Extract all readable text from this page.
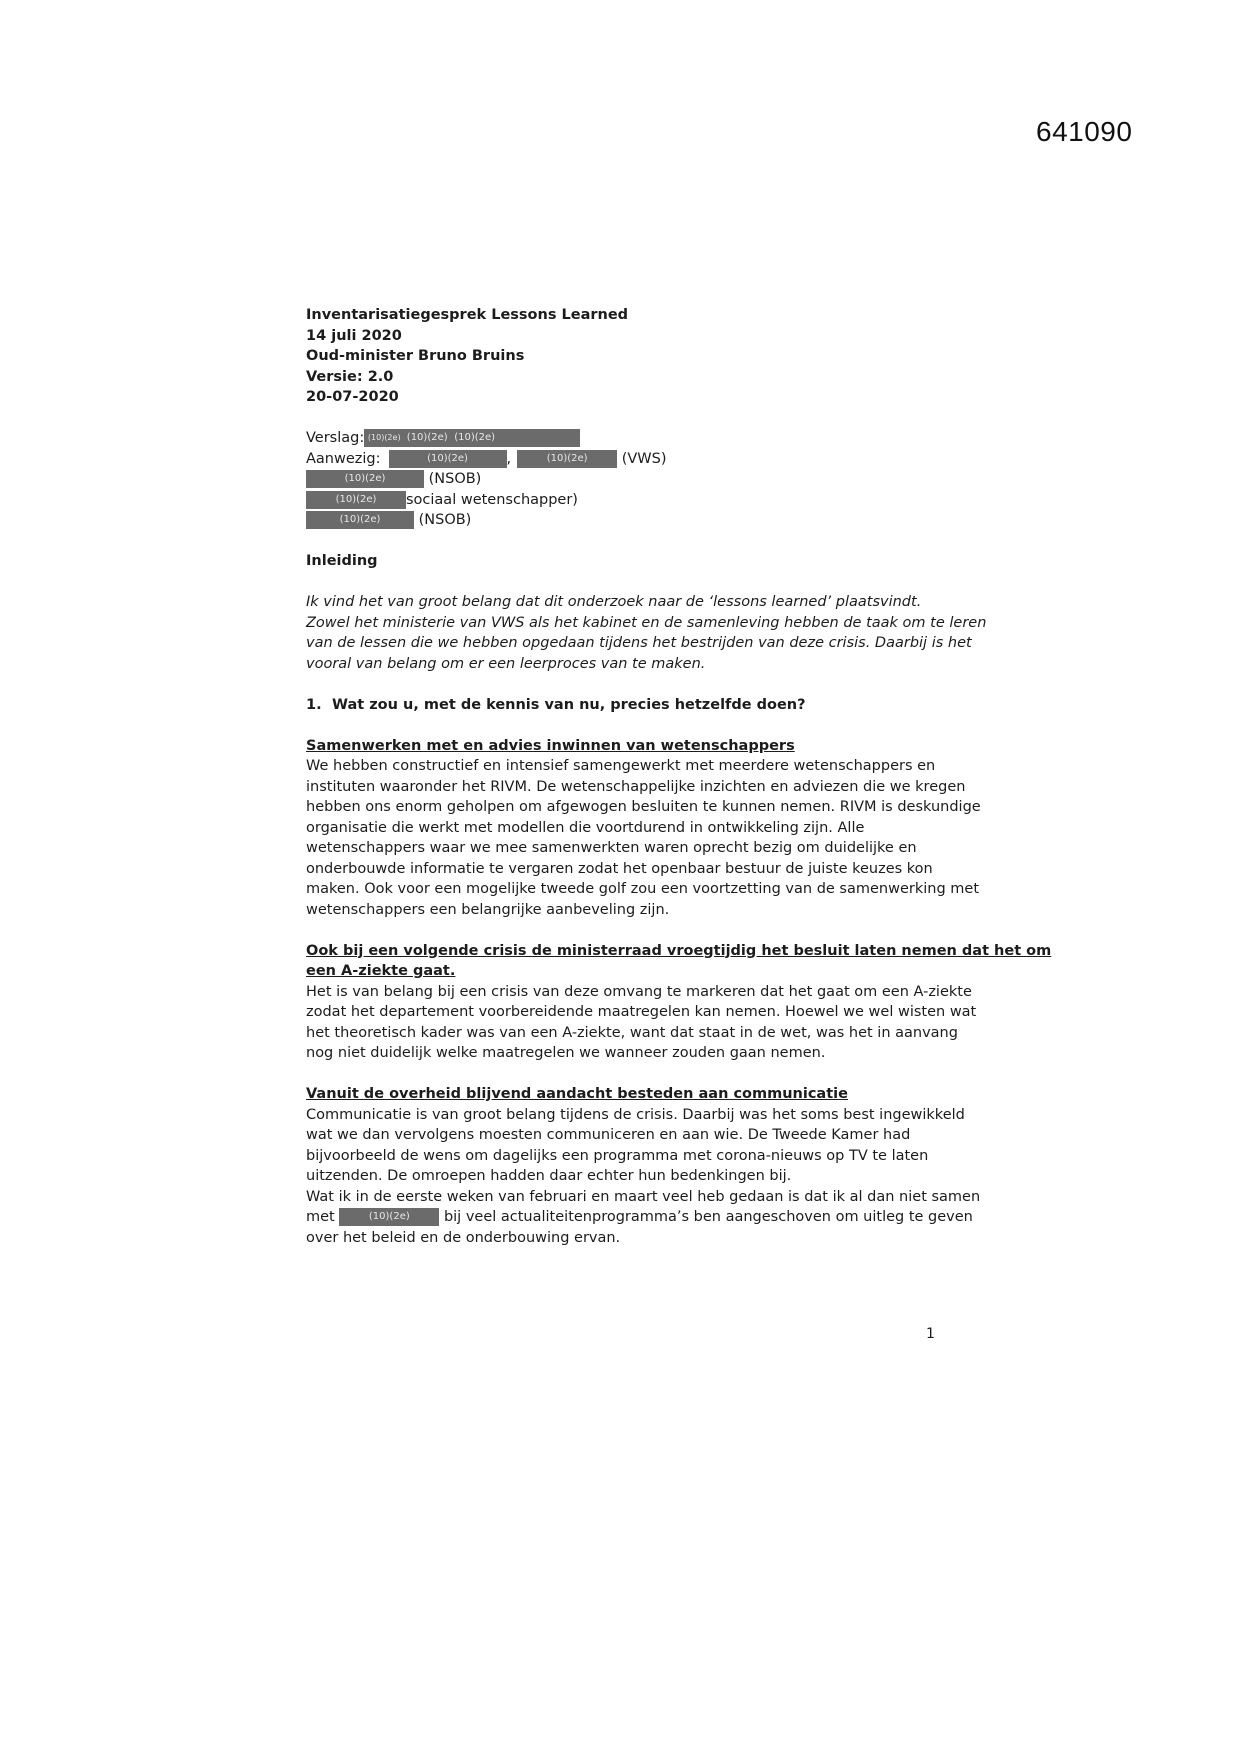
641090
Inventarisatiegesprek Lessons Learned
14 juli 2020
Oud-minister Bruno Bruins
Versie: 2.0
20-07-2020
Verslag: (10)(2e) (10)(2e) (10)(2e)
Aanwezig:	(10)(2e)	,	(10)(2e) (VWS)
(10)(2e)	(NSOB)
(10)(2e) sociaal wetenschapper)
(10)(2e)	(NSOB)
Inleiding
Ik vind het van groot belang dat dit onderzoek naar de ‘lessons learned’ plaatsvindt.
Zowel het ministerie van VWS als het kabinet en de samenleving hebben de taak om te leren
van de lessen die we hebben opgedaan tijdens het bestrijden van deze crisis. Daarbij is het
vooral van belang om er een leerproces van te maken.
1. Wat zou u, met de kennis van nu, precies hetzelfde doen?
Samenwerken met en advies inwinnen van wetenschappers
We hebben constructief en intensief samengewerkt met meerdere wetenschappers en
instituten waaronder het RIVM. De wetenschappelijke inzichten en adviezen die we kregen
hebben ons enorm geholpen om afgewogen besluiten te kunnen nemen. RIVM is deskundige
organisatie die werkt met modellen die voortdurend in ontwikkeling zijn. Alle
wetenschappers waar we mee samenwerkten waren oprecht bezig om duidelijke en
onderbouwde informatie te vergaren zodat het openbaar bestuur de juiste keuzes kon
maken. Ook voor een mogelijke tweede golf zou een voortzetting van de samenwerking met
wetenschappers een belangrijke aanbeveling zijn.
Ook bij een volgende crisis de ministerraad vroegtijdig het besluit laten nemen dat het om
een A-ziekte gaat.
Het is van belang bij een crisis van deze omvang te markeren dat het gaat om een A-ziekte
zodat het departement voorbereidende maatregelen kan nemen. Hoewel we wel wisten wat
het theoretisch kader was van een A-ziekte, want dat staat in de wet, was het in aanvang
nog niet duidelijk welke maatregelen we wanneer zouden gaan nemen.
Vanuit de overheid blijvend aandacht besteden aan communicatie
Communicatie is van groot belang tijdens de crisis. Daarbij was het soms best ingewikkeld
wat we dan vervolgens moesten communiceren en aan wie. De Tweede Kamer had
bijvoorbeeld de wens om dagelijks een programma met corona-nieuws op TV te laten
uitzenden. De omroepen hadden daar echter hun bedenkingen bij.
Wat ik in de eerste weken van februari en maart veel heb gedaan is dat ik al dan niet samen
met	(10)(2e) bij veel actualiteitenprogramma’s ben aangeschoven om uitleg te geven
over het beleid en de onderbouwing ervan.
1
